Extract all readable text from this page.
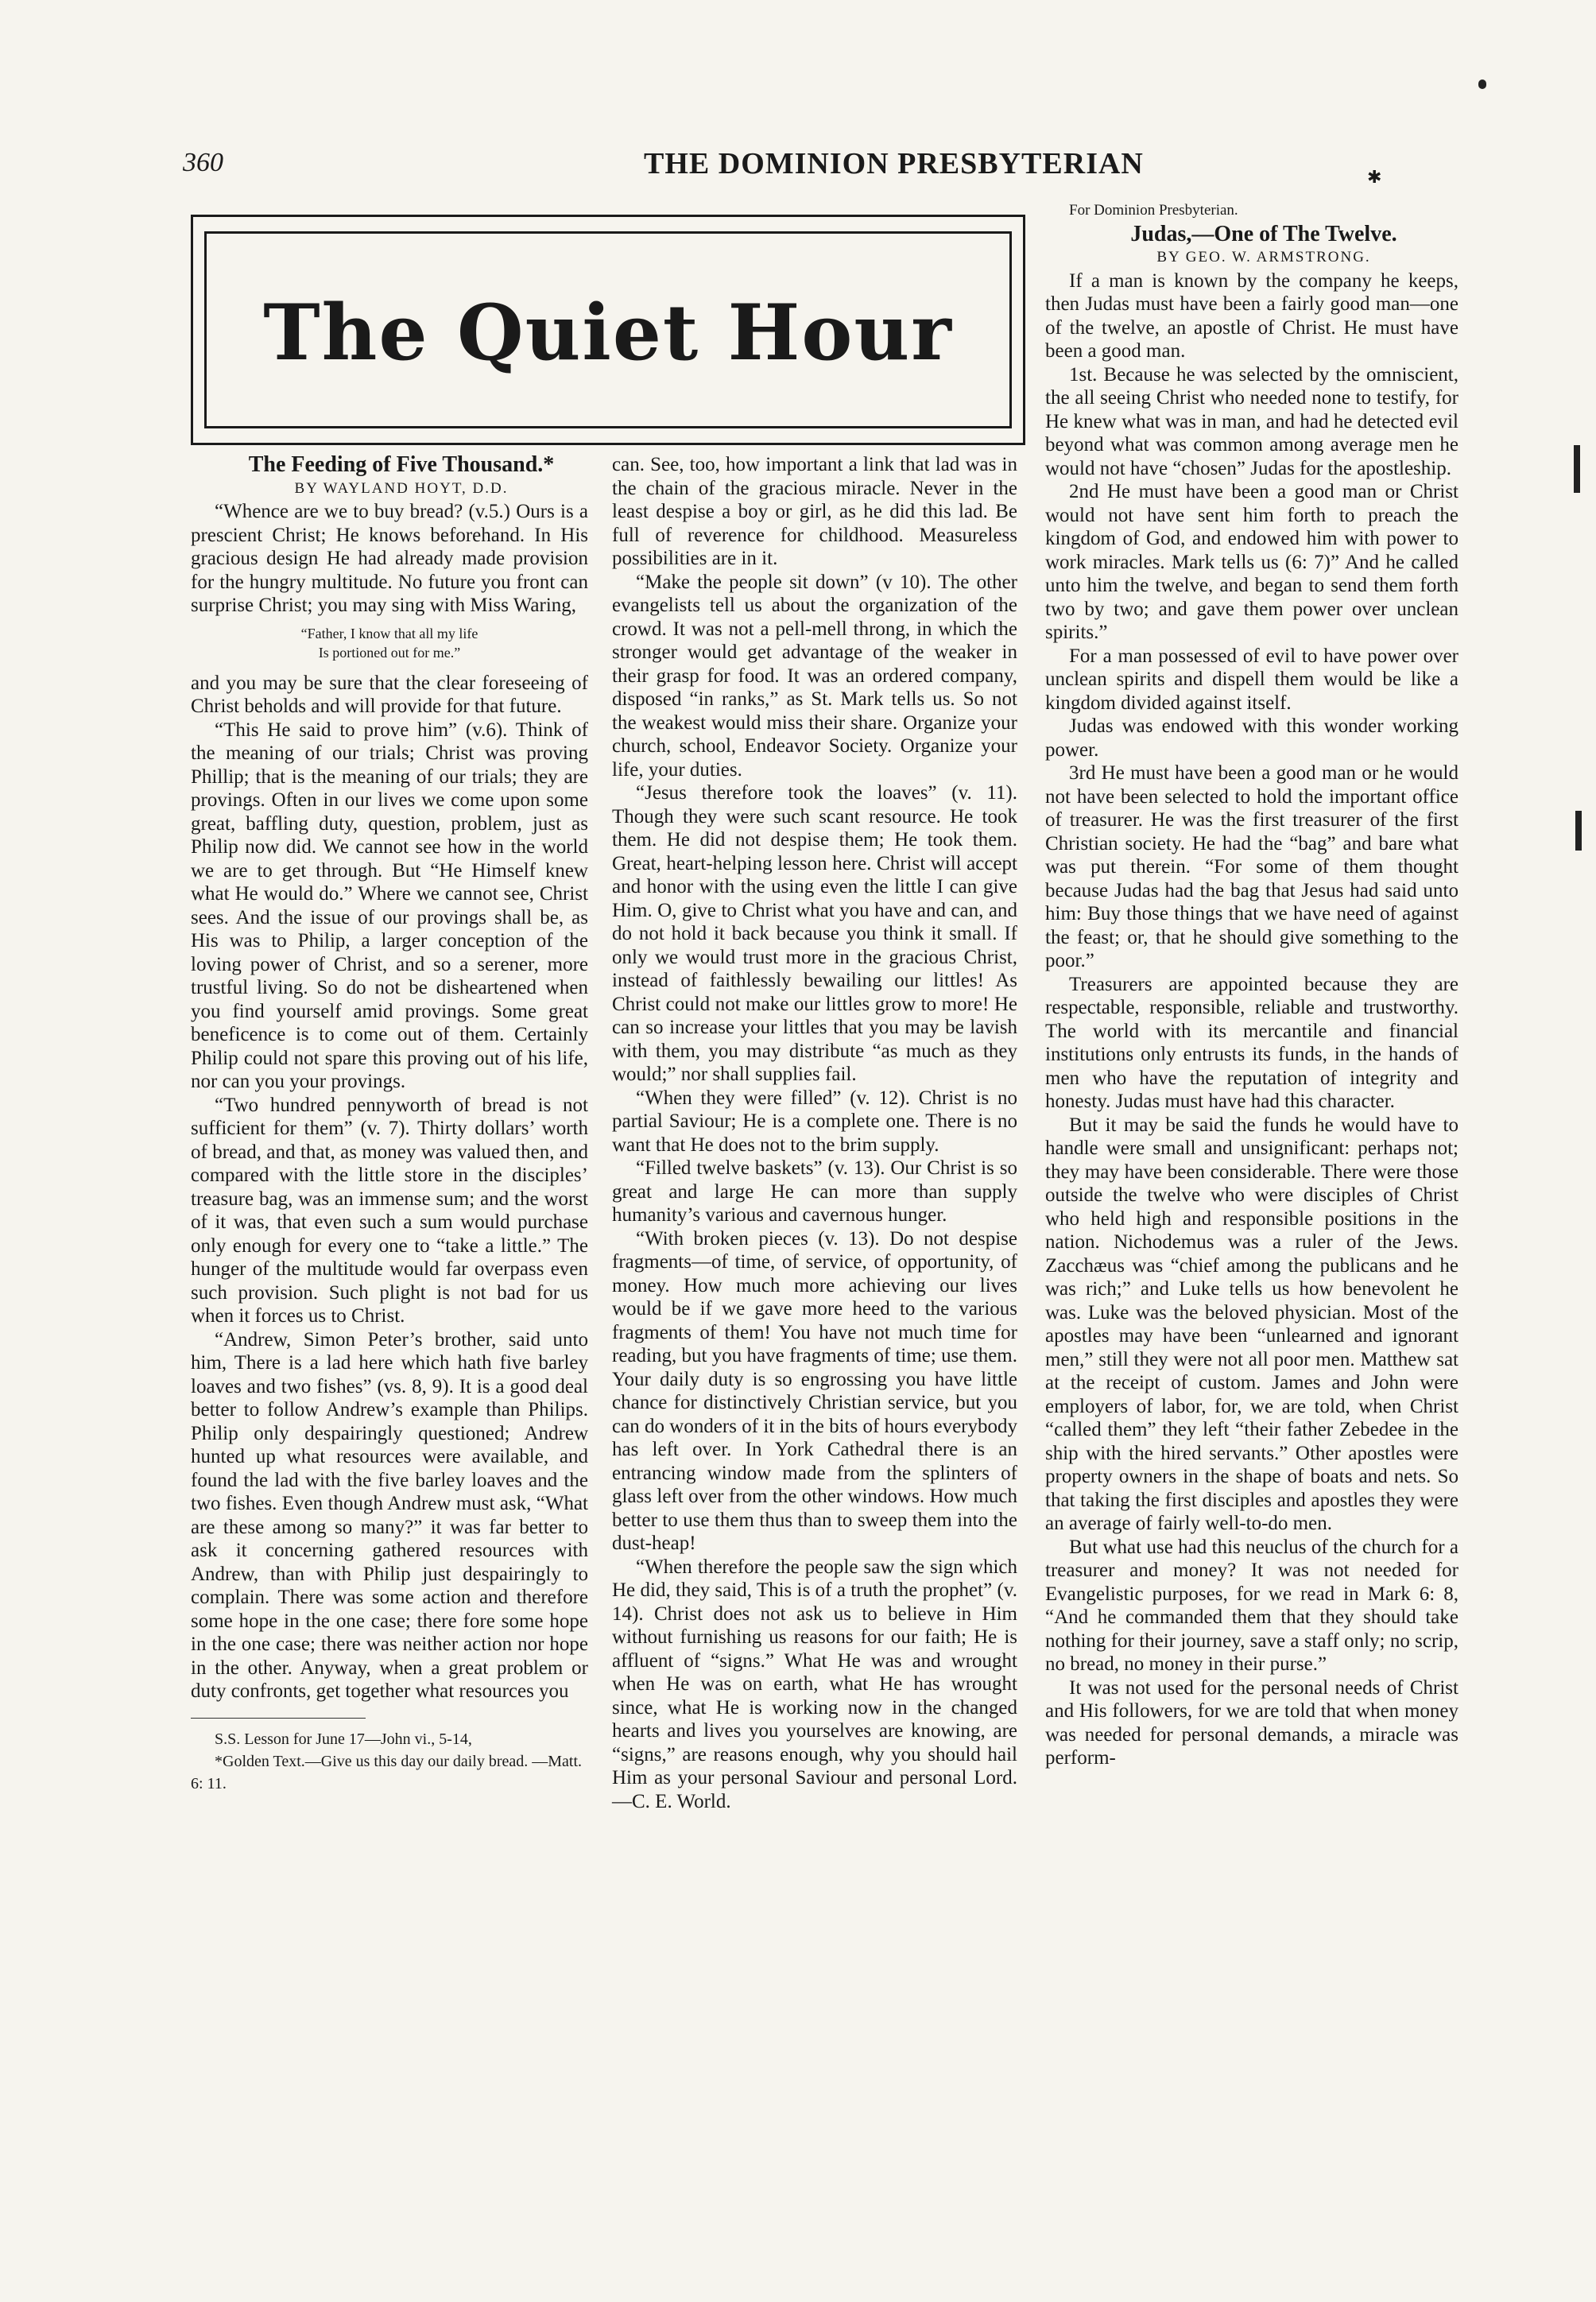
360	THE DOMINION PRESBYTERIAN	✱
The Quiet Hour

The Feeding of Five Thousand.*

BY WAYLAND HOYT, D.D.

“Whence are we to buy bread? (v.5.) Ours is a prescient Christ; He knows beforehand. In His gracious design He had already made provision for the hungry multitude. No future you front can surprise Christ; you may sing with Miss Waring,

“Father, I know that all my life
Is portioned out for me.”

and you may be sure that the clear foreseeing of Christ beholds and will provide for that future.

“This He said to prove him” (v.6). Think of the meaning of our trials; Christ was proving Phillip; that is the meaning of our trials; they are provings. Often in our lives we come upon some great, baffling duty, question, problem, just as Philip now did. We cannot see how in the world we are to get through. But “He Himself knew what He would do.” Where we cannot see, Christ sees. And the issue of our provings shall be, as His was to Philip, a larger conception of the loving power of Christ, and so a serener, more trustful living. So do not be disheartened when you find yourself amid provings. Some great beneficence is to come out of them. Certainly Philip could not spare this proving out of his life, nor can you your provings.

“Two hundred pennyworth of bread is not sufficient for them” (v. 7). Thirty dollars’ worth of bread, and that, as money was valued then, and compared with the little store in the disciples’ treasure bag, was an immense sum; and the worst of it was, that even such a sum would purchase only enough for every one to “take a little.” The hunger of the multitude would far overpass even such provision. Such plight is not bad for us when it forces us to Christ.

“Andrew, Simon Peter’s brother, said unto him, There is a lad here which hath five barley loaves and two fishes” (vs. 8, 9). It is a good deal better to follow Andrew’s example than Philips. Philip only despairingly questioned; Andrew hunted up what resources were available, and found the lad with the five barley loaves and the two fishes. Even though Andrew must ask, “What are these among so many?” it was far better to ask it concerning gathered resources with Andrew, than with Philip just despairingly to complain. There was some action and therefore some hope in the one case; there fore some hope in the one case; there was neither action nor hope in the other. Anyway, when a great problem or duty confronts, get together what resources you

S.S. Lesson for June 17—John vi., 5-14,

*Golden Text.—Give us this day our daily bread. —Matt. 6: 11.

can. See, too, how important a link that lad was in the chain of the gracious miracle. Never in the least despise a boy or girl, as he did this lad. Be full of reverence for childhood. Measureless possibilities are in it.

“Make the people sit down” (v 10). The other evangelists tell us about the organization of the crowd. It was not a pell-mell throng, in which the stronger would get advantage of the weaker in their grasp for food. It was an ordered company, disposed “in ranks,” as St. Mark tells us. So not the weakest would miss their share. Organize your church, school, Endeavor Society. Organize your life, your duties.

“Jesus therefore took the loaves” (v. 11). Though they were such scant resource. He took them. He did not despise them; He took them. Great, heart-helping lesson here. Christ will accept and honor with the using even the little I can give Him. O, give to Christ what you have and can, and do not hold it back because you think it small. If only we would trust more in the gracious Christ, instead of faithlessly bewailing our littles! As Christ could not make our littles grow to more! He can so increase your littles that you may be lavish with them, you may distribute “as much as they would;” nor shall supplies fail.

“When they were filled” (v. 12). Christ is no partial Saviour; He is a complete one. There is no want that He does not to the brim supply.

“Filled twelve baskets” (v. 13). Our Christ is so great and large He can more than supply humanity’s various and cavernous hunger.

“With broken pieces (v. 13). Do not despise fragments—of time, of service, of opportunity, of money. How much more achieving our lives would be if we gave more heed to the various fragments of them! You have not much time for reading, but you have fragments of time; use them. Your daily duty is so engrossing you have little chance for distinctively Christian service, but you can do wonders of it in the bits of hours everybody has left over. In York Cathedral there is an entrancing window made from the splinters of glass left over from the other windows. How much better to use them thus than to sweep them into the dust-heap!

“When therefore the people saw the sign which He did, they said, This is of a truth the prophet” (v. 14). Christ does not ask us to believe in Him without furnishing us reasons for our faith; He is affluent of “signs.” What He was and wrought when He was on earth, what He has wrought since, what He is working now in the changed hearts and lives you yourselves are knowing, are “signs,” are reasons enough, why you should hail Him as your personal Saviour and personal Lord.—C. E. World.

For Dominion Presbyterian.

Judas,—One of The Twelve.

BY GEO. W. ARMSTRONG.

If a man is known by the company he keeps, then Judas must have been a fairly good man—one of the twelve, an apostle of Christ. He must have been a good man.

1st. Because he was selected by the omniscient, the all seeing Christ who needed none to testify, for He knew what was in man, and had he detected evil beyond what was common among average men he would not have “chosen” Judas for the apostleship.

2nd He must have been a good man or Christ would not have sent him forth to preach the kingdom of God, and endowed him with power to work miracles. Mark tells us (6: 7)” And he called unto him the twelve, and began to send them forth two by two; and gave them power over unclean spirits.”

For a man possessed of evil to have power over unclean spirits and dispell them would be like a kingdom divided against itself.

Judas was endowed with this wonder working power.

3rd He must have been a good man or he would not have been selected to hold the important office of treasurer. He was the first treasurer of the first Christian society. He had the “bag” and bare what was put therein. “For some of them thought because Judas had the bag that Jesus had said unto him: Buy those things that we have need of against the feast; or, that he should give something to the poor.”

Treasurers are appointed because they are respectable, responsible, reliable and trustworthy. The world with its mercantile and financial institutions only entrusts its funds, in the hands of men who have the reputation of integrity and honesty. Judas must have had this character.

But it may be said the funds he would have to handle were small and unsignificant: perhaps not; they may have been considerable. There were those outside the twelve who were disciples of Christ who held high and responsible positions in the nation. Nichodemus was a ruler of the Jews. Zacchæus was “chief among the publicans and he was rich;” and Luke tells us how benevolent he was. Luke was the beloved physician. Most of the apostles may have been “unlearned and ignorant men,” still they were not all poor men. Matthew sat at the receipt of custom. James and John were employers of labor, for, we are told, when Christ “called them” they left “their father Zebedee in the ship with the hired servants.” Other apostles were property owners in the shape of boats and nets. So that taking the first disciples and apostles they were an average of fairly well-to-do men.

But what use had this neuclus of the church for a treasurer and money? It was not needed for Evangelistic purposes, for we read in Mark 6: 8, “And he commanded them that they should take nothing for their journey, save a staff only; no scrip, no bread, no money in their purse.”

It was not used for the personal needs of Christ and His followers, for we are told that when money was needed for personal demands, a miracle was perform-
